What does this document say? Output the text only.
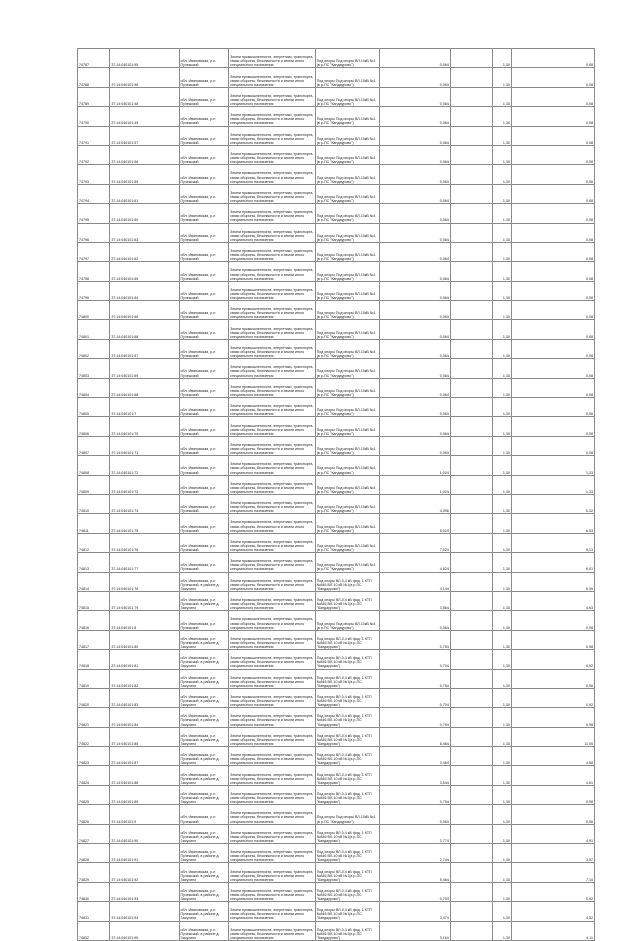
74787	37:14:040101:95	обл. Ивановская, р-н Пучежский	Земли промышленности, энергетики, транспорта, связи обороны, безопасности и земли иного специального назначения	Под опоры Под опоры ВЛ-10кВ №1 (в р-ПС "Кандаурово")	0,064		1,30	0,08
74788	37:14:040101:96	обл. Ивановская, р-н Пучежский	Земли промышленности, энергетики, транспорта, связи обороны, безопасности и земли иного специального назначения	Под опоры Под опоры ВЛ-10кВ №1 (в р-ПС "Кандаурово")	0,064		1,30	0,08
74789	37:14:040101:48	обл. Ивановская, р-н Пучежский	Земли промышленности, энергетики, транспорта, связи обороны, безопасности и земли иного специального назначения	Под опоры Под опоры ВЛ-10кВ №1 (в р-ПС "Кандаурово")	0,064		1,30	0,08
74790	37:14:040101:49	обл. Ивановская, р-н Пучежский	Земли промышленности, энергетики, транспорта, связи обороны, безопасности и земли иного специального назначения	Под опоры Под опоры ВЛ-10кВ №1 (в р-ПС "Кандаурово")	0,064		1,30	0,08
74791	37:14:040101:57	обл. Ивановская, р-н Пучежский	Земли промышленности, энергетики, транспорта, связи обороны, безопасности и земли иного специального назначения	Под опоры Под опоры ВЛ-10кВ №1 (в р-ПС "Кандаурово")	0,064		1,30	0,08
74792	37:14:040101:56	обл. Ивановская, р-н Пучежский	Земли промышленности, энергетики, транспорта, связи обороны, безопасности и земли иного специального назначения	Под опоры Под опоры ВЛ-10кВ №1 (в р-ПС "Кандаурово")	0,064		1,30	0,08
74793	37:14:040101:59	обл. Ивановская, р-н Пучежский	Земли промышленности, энергетики, транспорта, связи обороны, безопасности и земли иного специального назначения	Под опоры Под опоры ВЛ-10кВ №1 (в р-ПС "Кандаурово")	0,064		1,30	0,08
74794	37:14:040101:61	обл. Ивановская, р-н Пучежский	Земли промышленности, энергетики, транспорта, связи обороны, безопасности и земли иного специального назначения	Под опоры Под опоры ВЛ-10кВ №1 (в р-ПС "Кандаурово")	0,064		1,30	0,08
74795	37:14:040101:60	обл. Ивановская, р-н Пучежский	Земли промышленности, энергетики, транспорта, связи обороны, безопасности и земли иного специального назначения	Под опоры Под опоры ВЛ-10кВ №1 (в р-ПС "Кандаурово")	0,064		1,30	0,08
74796	37:14:040101:63	обл. Ивановская, р-н Пучежский	Земли промышленности, энергетики, транспорта, связи обороны, безопасности и земли иного специального назначения	Под опоры Под опоры ВЛ-10кВ №1 (в р-ПС "Кандаурово")	0,064		1,30	0,08
74797	37:14:040101:62	обл. Ивановская, р-н Пучежский	Земли промышленности, энергетики, транспорта, связи обороны, безопасности и земли иного специального назначения	Под опоры Под опоры ВЛ-10кВ №1 (в р-ПС "Кандаурово")	0,064		1,30	0,08
74798	37:14:040101:65	обл. Ивановская, р-н Пучежский	Земли промышленности, энергетики, транспорта, связи обороны, безопасности и земли иного специального назначения	Под опоры Под опоры ВЛ-10кВ №1 (в р-ПС "Кандаурово")	0,064		1,30	0,08
74799	37:14:040101:64	обл. Ивановская, р-н Пучежский	Земли промышленности, энергетики, транспорта, связи обороны, безопасности и земли иного специального назначения	Под опоры Под опоры ВЛ-10кВ №1 (в р-ПС "Кандаурово")	0,064		1,30	0,08
74800	37:14:040101:66	обл. Ивановская, р-н Пучежский	Земли промышленности, энергетики, транспорта, связи обороны, безопасности и земли иного специального назначения	Под опоры Под опоры ВЛ-10кВ №1 (в р-ПС "Кандаурово")	0,064		1,30	0,08
74801	37:14:040101:68	обл. Ивановская, р-н Пучежский	Земли промышленности, энергетики, транспорта, связи обороны, безопасности и земли иного специального назначения	Под опоры Под опоры ВЛ-10кВ №1 (в р-ПС "Кандаурово")	0,064		1,30	0,08
74802	37:14:040101:67	обл. Ивановская, р-н Пучежский	Земли промышленности, энергетики, транспорта, связи обороны, безопасности и земли иного специального назначения	Под опоры Под опоры ВЛ-10кВ №1 (в р-ПС "Кандаурово")	0,064		1,30	0,08
74803	37:14:040101:69	обл. Ивановская, р-н Пучежский	Земли промышленности, энергетики, транспорта, связи обороны, безопасности и земли иного специального назначения	Под опоры Под опоры ВЛ-10кВ №1 (в р-ПС "Кандаурово")	0,064		1,30	0,08
74804	37:14:040101:68	обл. Ивановская, р-н Пучежский	Земли промышленности, энергетики, транспорта, связи обороны, безопасности и земли иного специального назначения	Под опоры Под опоры ВЛ-10кВ №1 (в р-ПС "Кандаурово")	0,064		1,30	0,08
74805	37:14:040101:7	обл. Ивановская, р-н Пучежский	Земли промышленности, энергетики, транспорта, связи обороны, безопасности и земли иного специального назначения	Под опоры Под опоры ВЛ-10кВ №1 (в р-ПС "Кандаурово")	0,064		1,30	0,08
74806	37:14:040101:70	обл. Ивановская, р-н Пучежский	Земли промышленности, энергетики, транспорта, связи обороны, безопасности и земли иного специального назначения	Под опоры Под опоры ВЛ-10кВ №1 (в р-ПС "Кандаурово")	0,064		1,30	0,08
74807	37:14:040101:71	обл. Ивановская, р-н Пучежский	Земли промышленности, энергетики, транспорта, связи обороны, безопасности и земли иного специального назначения	Под опоры Под опоры ВЛ-10кВ №1 (в р-ПС "Кандаурово")	0,064		1,30	0,08
74808	37:14:040101:72	обл. Ивановская, р-н Пучежский	Земли промышленности, энергетики, транспорта, связи обороны, безопасности и земли иного специального назначения	Под опоры Под опоры ВЛ-10кВ №1 (в р-ПС "Кандаурово")	1,024		1,30	1,33
74809	37:14:040101:73	обл. Ивановская, р-н Пучежский	Земли промышленности, энергетики, транспорта, связи обороны, безопасности и земли иного специального назначения	Под опоры Под опоры ВЛ-10кВ №1 (в р-ПС "Кандаурово")	1,024		1,30	1,33
74810	37:14:040101:74	обл. Ивановская, р-н Пучежский	Земли промышленности, энергетики, транспорта, связи обороны, безопасности и земли иного специального назначения	Под опоры Под опоры ВЛ-10кВ №1 (в р-ПС "Кандаурово")	4,096		1,30	5,32
74811	37:14:040101:75	обл. Ивановская, р-н Пучежский	Земли промышленности, энергетики, транспорта, связи обороны, безопасности и земли иного специального назначения	Под опоры Под опоры ВЛ-10кВ №1 (в р-ПС "Кандаурово")	5,024		1,30	6,53
74812	37:14:040101:76	обл. Ивановская, р-н Пучежский	Земли промышленности, энергетики, транспорта, связи обороны, безопасности и земли иного специального назначения	Под опоры Под опоры ВЛ-10кВ №1 (в р-ПС "Кандаурово")	7,024		1,30	9,13
74813	37:14:040101:77	обл. Ивановская, р-н Пучежский	Земли промышленности, энергетики, транспорта, связи обороны, безопасности и земли иного специального назначения	Под опоры Под опоры ВЛ-10кВ №1 (в р-ПС "Кандаурово")	4,624		1,30	6,01
74814	37:14:040101:78	обл. Ивановская, р-н Пучежский, в районе д. Засухино	Земли промышленности, энергетики, транспорта, связи обороны, безопасности и земли иного специального назначения	Под опоры ВЛ-0,4 кВ фид. 1 КТП №846 ВЛ-10 кВ №1(в р-ПС "Кандаурово")	4,144		1,30	5,39
74815	37:14:040101:79	обл. Ивановская, р-н Пучежский, в районе д. Засухино	Земли промышленности, энергетики, транспорта, связи обороны, безопасности и земли иного специального назначения	Под опоры ВЛ-0,4 кВ фид. 1 КТП №846 ВЛ-10 кВ №1(в р-ПС "Кандаурово")	3,564		1,30	4,63
74816	37:14:040101:8	обл. Ивановская, р-н Пучежский	Земли промышленности, энергетики, транспорта, связи обороны, безопасности и земли иного специального назначения	Под опоры Под опоры ВЛ-10кВ №1 (в р-ПС "Кандаурово")	0,064		1,30	0,08
74817	37:14:040101:80	обл. Ивановская, р-н Пучежский, в районе д. Засухино	Земли промышленности, энергетики, транспорта, связи обороны, безопасности и земли иного специального назначения	Под опоры ВЛ-0,4 кВ фид. 1 КТП №846 ВЛ-10 кВ №1(в р-ПС "Кандаурово")	0,754		1,30	0,98
74818	37:14:040101:81	обл. Ивановская, р-н Пучежский, в районе д. Засухино	Земли промышленности, энергетики, транспорта, связи обороны, безопасности и земли иного специального назначения	Под опоры ВЛ-0,4 кВ фид. 1 КТП №846 ВЛ-10 кВ №1(в р-ПС "Кандаурово")	0,704		1,30	0,92
74819	37:14:040101:82	обл. Ивановская, р-н Пучежский, в районе д. Засухино	Земли промышленности, энергетики, транспорта, связи обороны, безопасности и земли иного специального назначения	Под опоры ВЛ-0,4 кВ фид. 1 КТП №846 ВЛ-10 кВ №1(в р-ПС "Кандаурово")	0,754		1,30	0,98
74820	37:14:040101:83	обл. Ивановская, р-н Пучежский, в районе д. Засухино	Земли промышленности, энергетики, транспорта, связи обороны, безопасности и земли иного специального назначения	Под опоры ВЛ-0,4 кВ фид. 1 КТП №846 ВЛ-10 кВ №1(в р-ПС "Кандаурово")	0,704		1,30	0,92
74821	37:14:040101:84	обл. Ивановская, р-н Пучежский, в районе д. Засухино	Земли промышленности, энергетики, транспорта, связи обороны, безопасности и земли иного специального назначения	Под опоры ВЛ-0,4 кВ фид. 1 КТП №846 ВЛ-10 кВ №1(в р-ПС "Кандаурово")	0,754		1,30	0,98
74822	37:14:040101:85	обл. Ивановская, р-н Пучежский, в районе д. Засухино	Земли промышленности, энергетики, транспорта, связи обороны, безопасности и земли иного специального назначения	Под опоры ВЛ-0,4 кВ фид. 1 КТП №846 ВЛ-10 кВ №1(в р-ПС "Кандаурово")	8,464		1,30	11,00
74823	37:14:040101:87	обл. Ивановская, р-н Пучежский, в районе д. Засухино	Земли промышленности, энергетики, транспорта, связи обороны, безопасности и земли иного специального назначения	Под опоры ВЛ-0,4 кВ фид. 1 КТП №846 ВЛ-10 кВ №1(в р-ПС "Кандаурово")	3,464		1,30	4,50
74824	37:14:040101:88	обл. Ивановская, р-н Пучежский, в районе д. Засухино	Земли промышленности, энергетики, транспорта, связи обороны, безопасности и земли иного специального назначения	Под опоры ВЛ-0,4 кВ фид. 1 КТП №846 ВЛ-10 кВ №1(в р-ПС "Кандаурово")	3,544		1,30	4,61
74825	37:14:040101:89	обл. Ивановская, р-н Пучежский, в районе д. Засухино	Земли промышленности, энергетики, транспорта, связи обороны, безопасности и земли иного специального назначения	Под опоры ВЛ-0,4 кВ фид. 1 КТП №846 ВЛ-10 кВ №1(в р-ПС "Кандаурово")	0,754		1,30	0,98
74826	37:14:040101:9	обл. Ивановская, р-н Пучежский	Земли промышленности, энергетики, транспорта, связи обороны, безопасности и земли иного специального назначения	Под опоры Под опоры ВЛ-10кВ №1 (в р-ПС "Кандаурово")	0,064		1,30	0,08
74827	37:14:040101:90	обл. Ивановская, р-н Пучежский, в районе д. Засухино	Земли промышленности, энергетики, транспорта, связи обороны, безопасности и земли иного специального назначения	Под опоры ВЛ-0,4 кВ фид. 1 КТП №846 ВЛ-10 кВ №1(в р-ПС "Кандаурово")	3,774		1,30	4,91
74828	37:14:040101:91	обл. Ивановская, р-н Пучежский, в районе д. Засухино	Земли промышленности, энергетики, транспорта, связи обороны, безопасности и земли иного специального назначения	Под опоры ВЛ-0,4 кВ фид. 1 КТП №846 ВЛ-10 кВ №1(в р-ПС "Кандаурово")	2,744		1,30	3,57
74829	37:14:040101:92	обл. Ивановская, р-н Пучежский, в районе д. Засухино	Земли промышленности, энергетики, транспорта, связи обороны, безопасности и земли иного специального назначения	Под опоры ВЛ-0,4 кВ фид. 1 КТП №846 ВЛ-10 кВ №1(в р-ПС "Кандаурово")	5,464		1,30	7,10
74830	37:14:040101:93	обл. Ивановская, р-н Пучежский, в районе д. Засухино	Земли промышленности, энергетики, транспорта, связи обороны, безопасности и земли иного специального назначения	Под опоры ВЛ-0,4 кВ фид. 1 КТП №846 ВЛ-10 кВ №1(в р-ПС "Кандаурово")	0,704		1,30	0,92
74831	37:14:040101:94	обл. Ивановская, р-н Пучежский, в районе д. Засухино	Земли промышленности, энергетики, транспорта, связи обороны, безопасности и земли иного специального назначения	Под опоры ВЛ-0,4 кВ фид. 1 КТП №846 ВЛ-10 кВ №1(в р-ПС "Кандаурово")	3,474		1,30	4,52
74832	37:14:040101:95	обл. Ивановская, р-н Пучежский, в районе д. Засухино	Земли промышленности, энергетики, транспорта, связи обороны, безопасности и земли иного специального назначения	Под опоры ВЛ-0,4 кВ фид. 1 КТП №846 ВЛ-10 кВ №1(в р-ПС "Кандаурово")	3,164		1,30	4,11
